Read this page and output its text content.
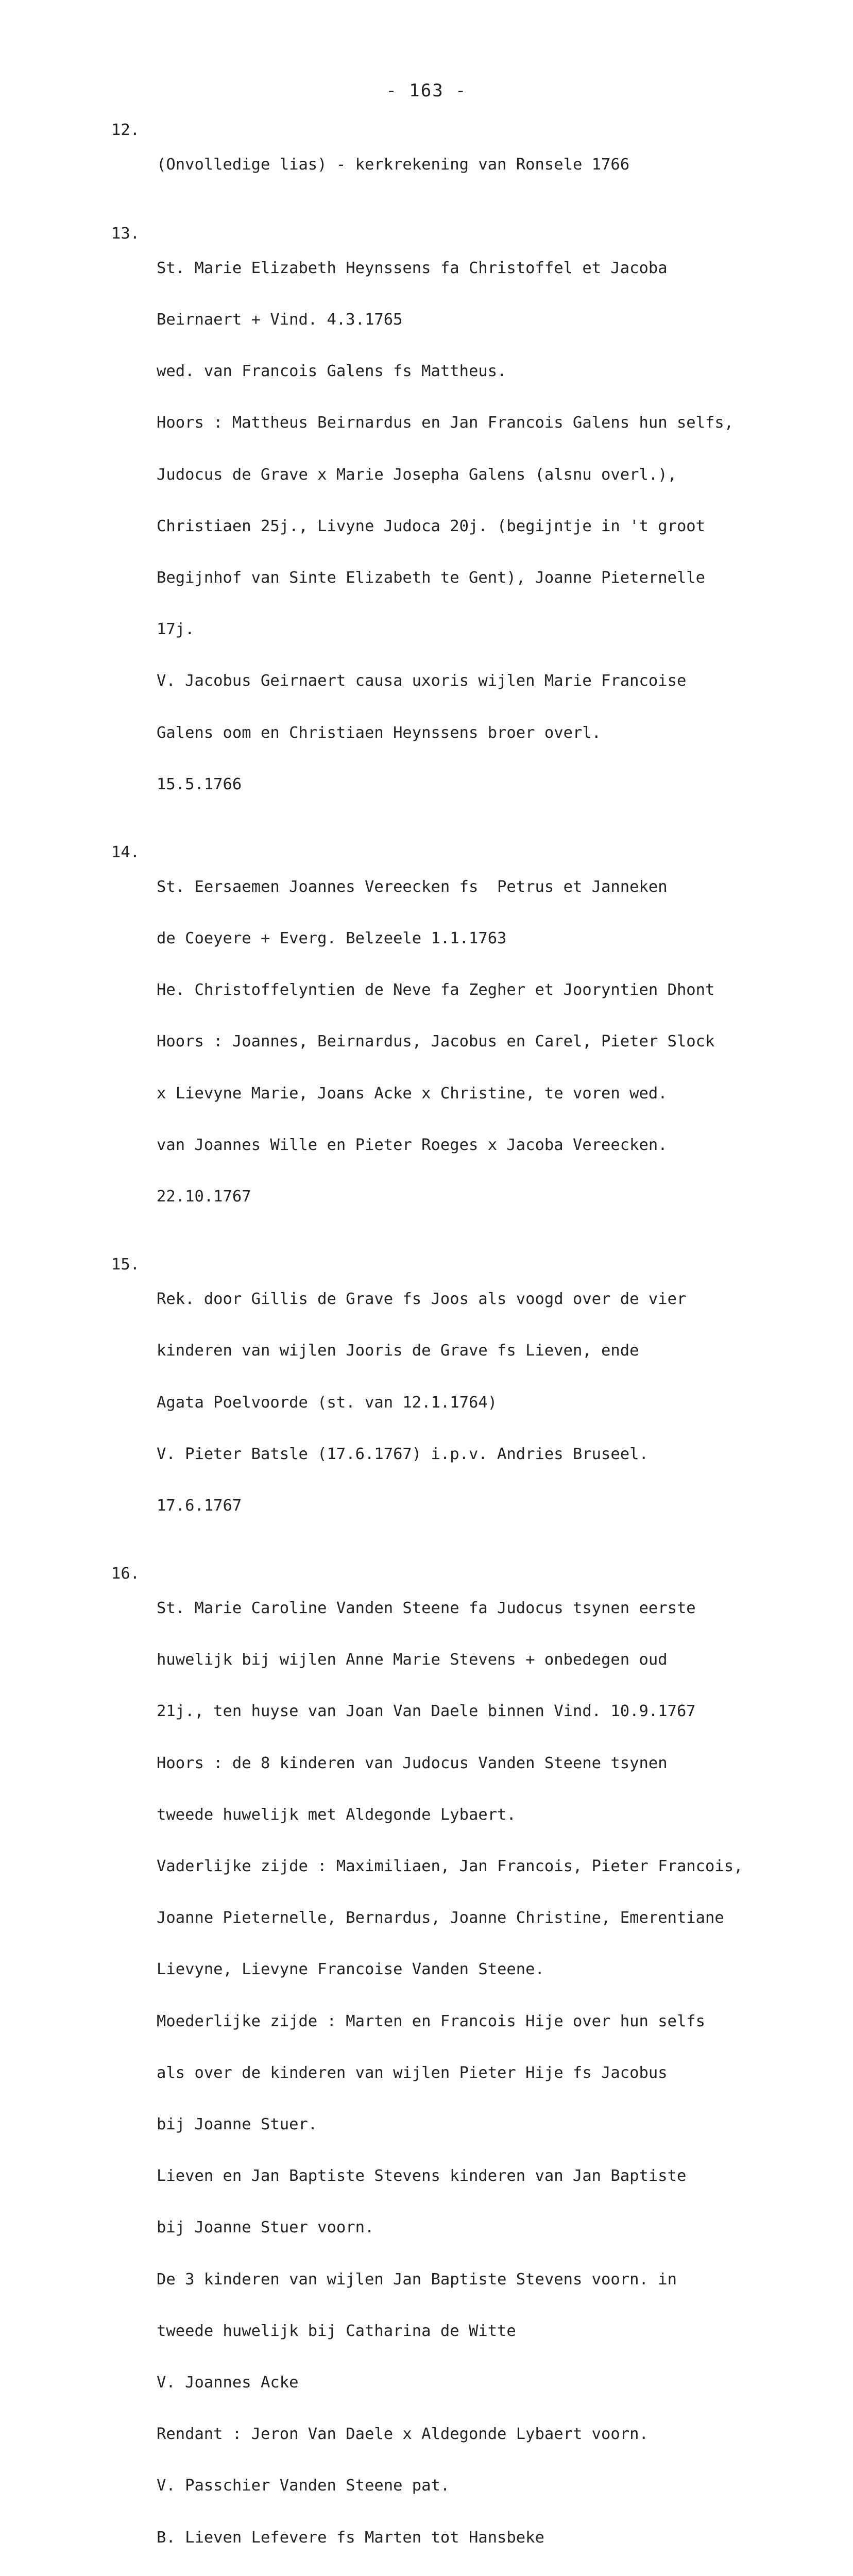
- 163 -
12.

(Onvolledige lias) - kerkrekening van Ronsele 1766

13.

St. Marie Elizabeth Heynssens fa Christoffel et Jacoba

Beirnaert + Vind. 4.3.1765

wed. van Francois Galens fs Mattheus.

Hoors : Mattheus Beirnardus en Jan Francois Galens hun selfs,

Judocus de Grave x Marie Josepha Galens (alsnu overl.),

Christiaen 25j., Livyne Judoca 20j. (begijntje in 't groot

Begijnhof van Sinte Elizabeth te Gent), Joanne Pieternelle

17j.

V. Jacobus Geirnaert causa uxoris wijlen Marie Francoise

Galens oom en Christiaen Heynssens broer overl.

15.5.1766

14.

St. Eersaemen Joannes Vereecken fs  Petrus et Janneken

de Coeyere + Everg. Belzeele 1.1.1763

He. Christoffelyntien de Neve fa Zegher et Jooryntien Dhont

Hoors : Joannes, Beirnardus, Jacobus en Carel, Pieter Slock

x Lievyne Marie, Joans Acke x Christine, te voren wed.

van Joannes Wille en Pieter Roeges x Jacoba Vereecken.

22.10.1767

15.

Rek. door Gillis de Grave fs Joos als voogd over de vier

kinderen van wijlen Jooris de Grave fs Lieven, ende

Agata Poelvoorde (st. van 12.1.1764)

V. Pieter Batsle (17.6.1767) i.p.v. Andries Bruseel.

17.6.1767

16.

St. Marie Caroline Vanden Steene fa Judocus tsynen eerste

huwelijk bij wijlen Anne Marie Stevens + onbedegen oud

21j., ten huyse van Joan Van Daele binnen Vind. 10.9.1767

Hoors : de 8 kinderen van Judocus Vanden Steene tsynen

tweede huwelijk met Aldegonde Lybaert.

Vaderlijke zijde : Maximiliaen, Jan Francois, Pieter Francois,

Joanne Pieternelle, Bernardus, Joanne Christine, Emerentiane

Lievyne, Lievyne Francoise Vanden Steene.

Moederlijke zijde : Marten en Francois Hije over hun selfs

als over de kinderen van wijlen Pieter Hije fs Jacobus

bij Joanne Stuer.

Lieven en Jan Baptiste Stevens kinderen van Jan Baptiste

bij Joanne Stuer voorn.

De 3 kinderen van wijlen Jan Baptiste Stevens voorn. in

tweede huwelijk bij Catharina de Witte

V. Joannes Acke

Rendant : Jeron Van Daele x Aldegonde Lybaert voorn.

V. Passchier Vanden Steene pat.

B. Lieven Lefevere fs Marten tot Hansbeke
